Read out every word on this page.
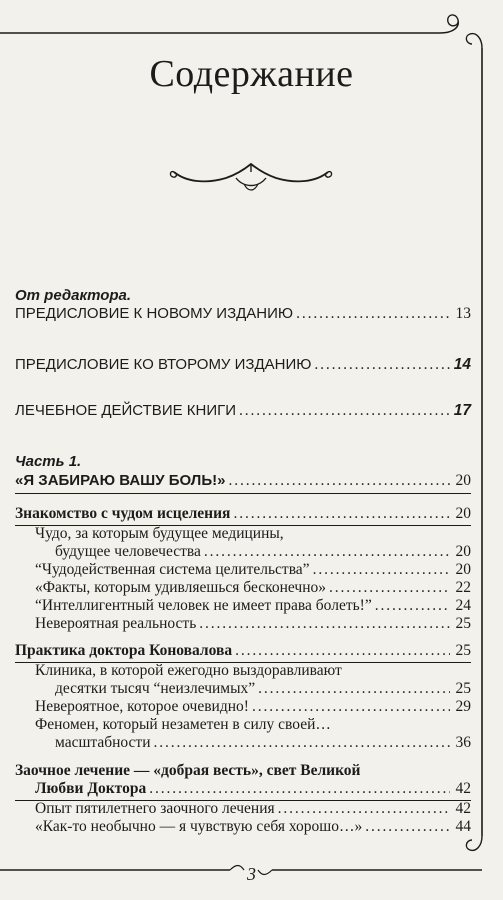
Содержание
От редактора.
ПРЕДИСЛОВИЕ К НОВОМУ ИЗДАНИЮ . . .	13
ПРЕДИСЛОВИЕ КО ВТОРОМУ ИЗДАНИЮ . . .	14
ЛЕЧЕБНОЕ ДЕЙСТВИЕ КНИГИ . . .	17
Часть 1.
«Я ЗАБИРАЮ ВАШУ БОЛЬ!» . . .	20
Знакомство с чудом исцеления . . .	20
Чудо, за которым будущее медицины,
будущее человечества . . .	20
“Чудодейственная система целительства” . . .	20
«Факты, которым удивляешься бесконечно» . . .	22
“Интеллигентный человек не имеет права болеть!” . . .	24
Невероятная реальность . . .	25
Практика доктора Коновалова . . .	25
Клиника, в которой ежегодно выздоравливают
десятки тысяч “неизлечимых” . . .	25
Невероятное, которое очевидно! . . .	29
Феномен, который незаметен в силу своей…
масштабности . . .	36
Заочное лечение — «добрая весть», свет Великой
Любви Доктора . . .	42
Опыт пятилетнего заочного лечения . . .	42
«Как-то необычно — я чувствую себя хорошо…» . . .	44
3
